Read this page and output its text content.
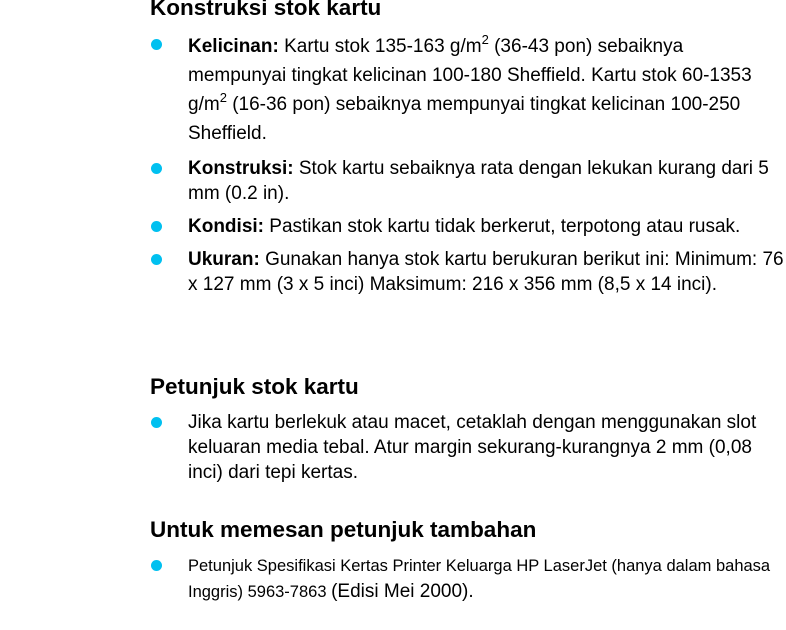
Konstruksi stok kartu
Kelicinan: Kartu stok 135-163 $g/m^2$ (36-43 pon) sebaiknya mempunyai tingkat kelicinan 100-180 Sheffield. Kartu stok 60-1353 $g/m^2$ (16-36 pon) sebaiknya mempunyai tingkat kelicinan 100-250 Sheffield.
Konstruksi: Stok kartu sebaiknya rata dengan lekukan kurang dari 5 mm (0.2 in).
Kondisi: Pastikan stok kartu tidak berkerut, terpotong atau rusak.
Ukuran: Gunakan hanya stok kartu berukuran berikut ini: Minimum: 76 x 127 mm (3 x 5 inci) Maksimum: 216 x 356 mm (8,5 x 14 inci).
Petunjuk stok kartu
Jika kartu berlekuk atau macet, cetaklah dengan menggunakan slot keluaran media tebal. Atur margin sekurang-kurangnya 2 mm (0,08 inci) dari tepi kertas.
Untuk memesan petunjuk tambahan
Petunjuk Spesifikasi Kertas Printer Keluarga HP LaserJet (hanya dalam bahasa Inggris) 5963-7863 (Edisi Mei 2000).
